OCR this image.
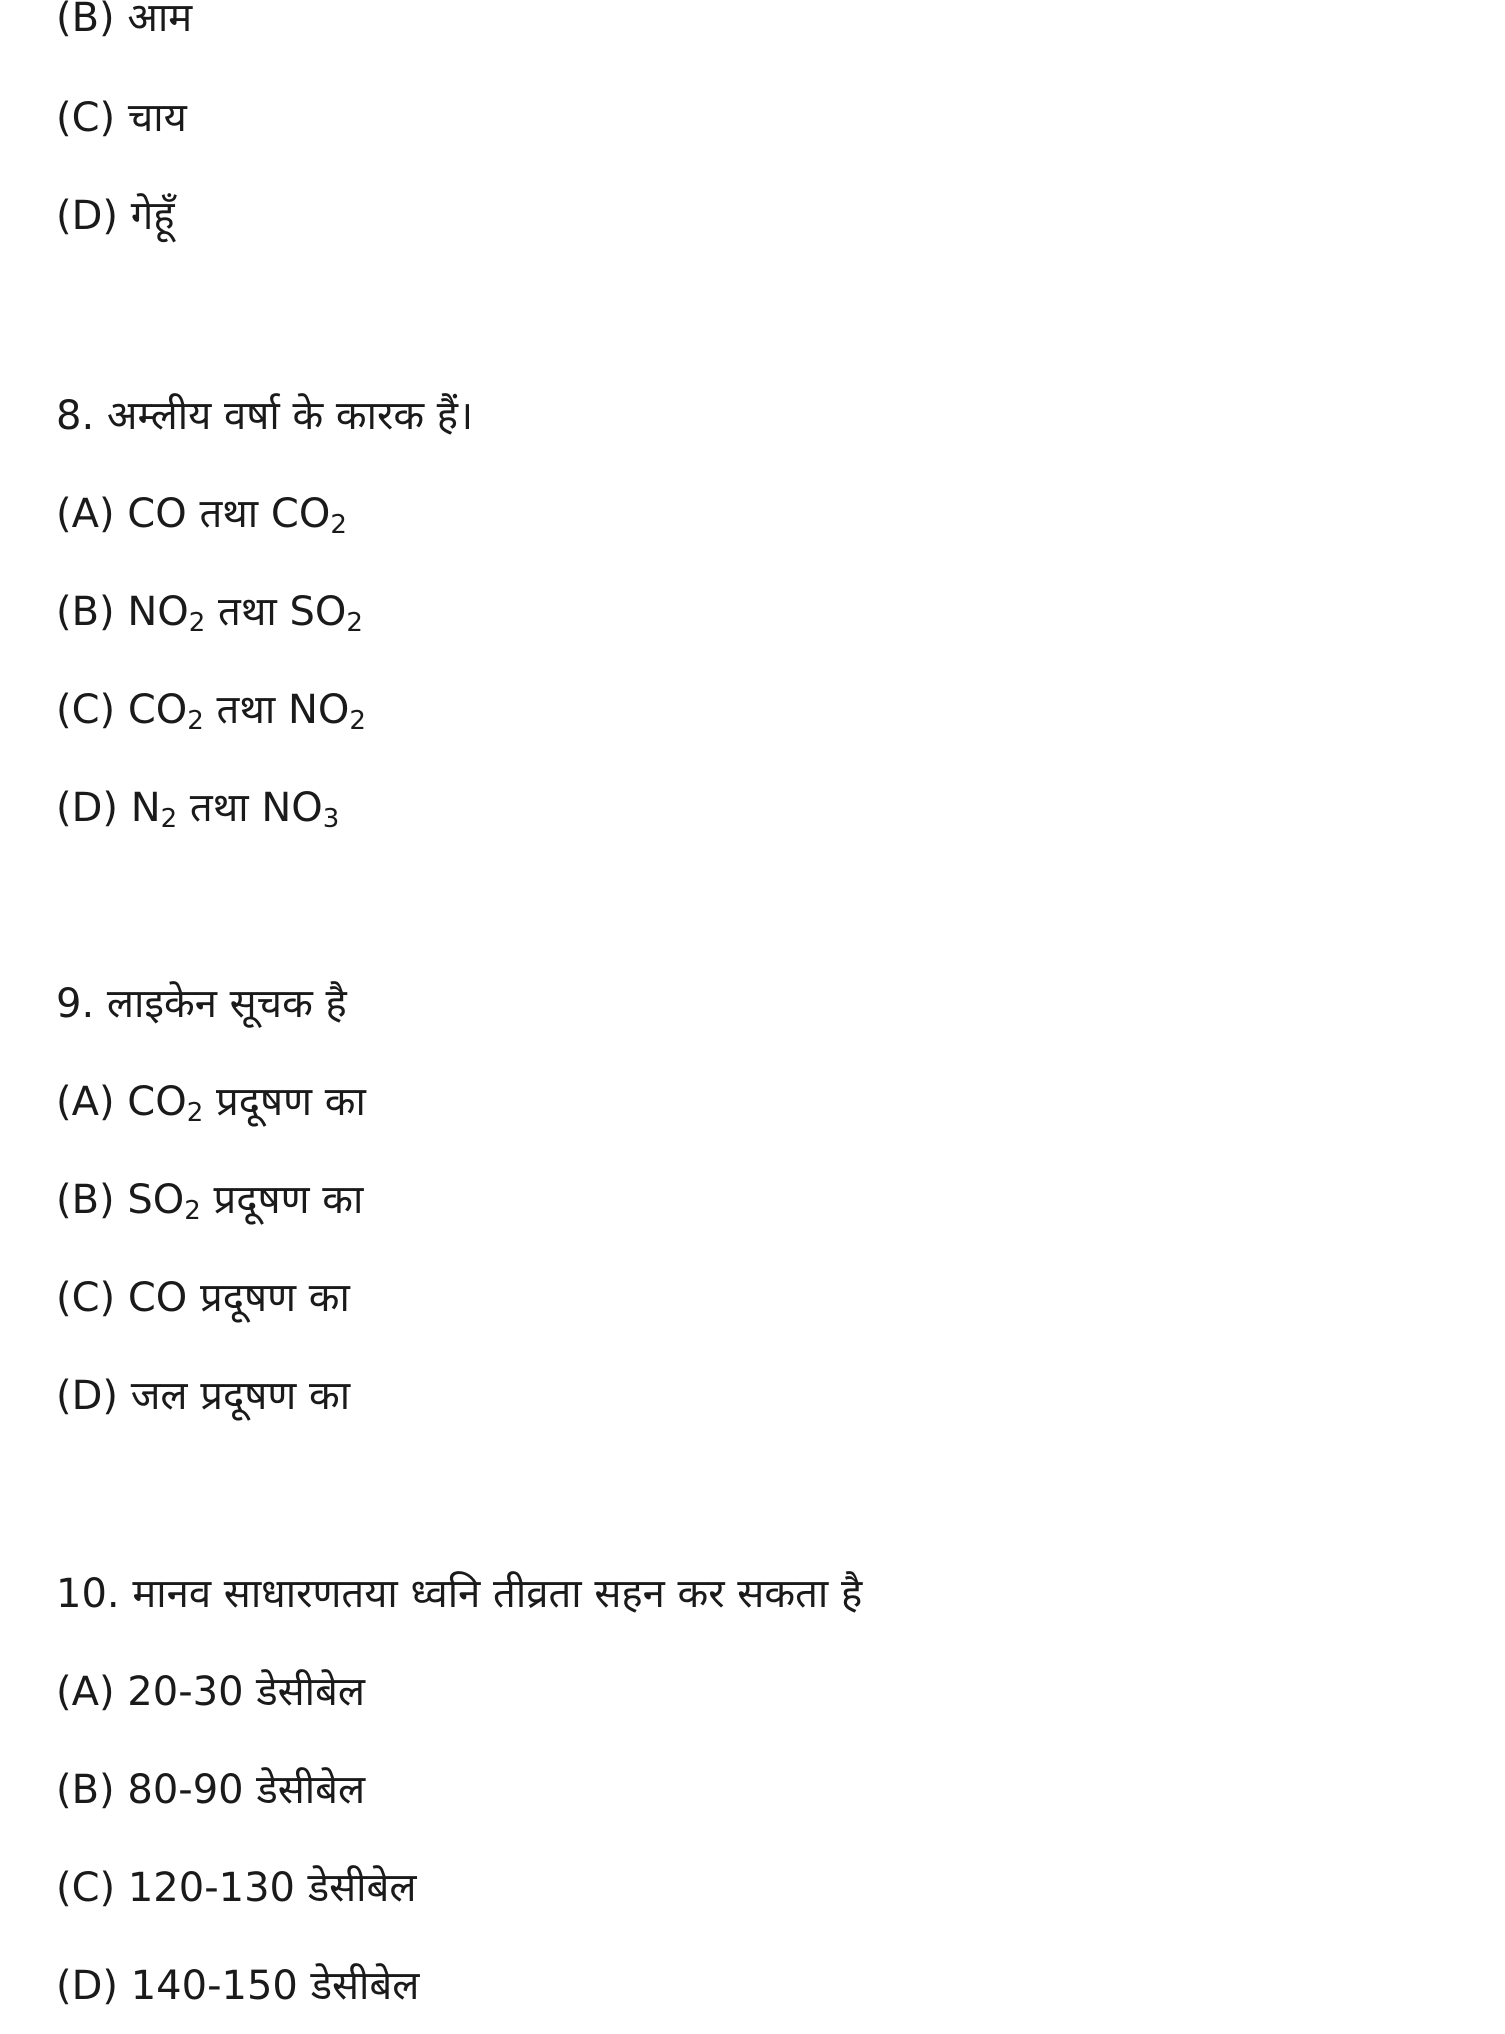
(B) आम
(C) चाय
(D) गेहूँ
8. अम्लीय वर्षा के कारक हैं।
(A) CO तथा $CO_2$
(B) $NO_2$ तथा $SO_2$
(C) $CO_2$ तथा $NO_2$
(D) $N_2$ तथा $NO_3$
9. लाइकेन सूचक है
(A) $CO_2$ प्रदूषण का
(B) $SO_2$ प्रदूषण का
(C) CO प्रदूषण का
(D) जल प्रदूषण का
10. मानव साधारणतया ध्वनि तीव्रता सहन कर सकता है
(A) 20-30 डेसीबेल
(B) 80-90 डेसीबेल
(C) 120-130 डेसीबेल
(D) 140-150 डेसीबेल
